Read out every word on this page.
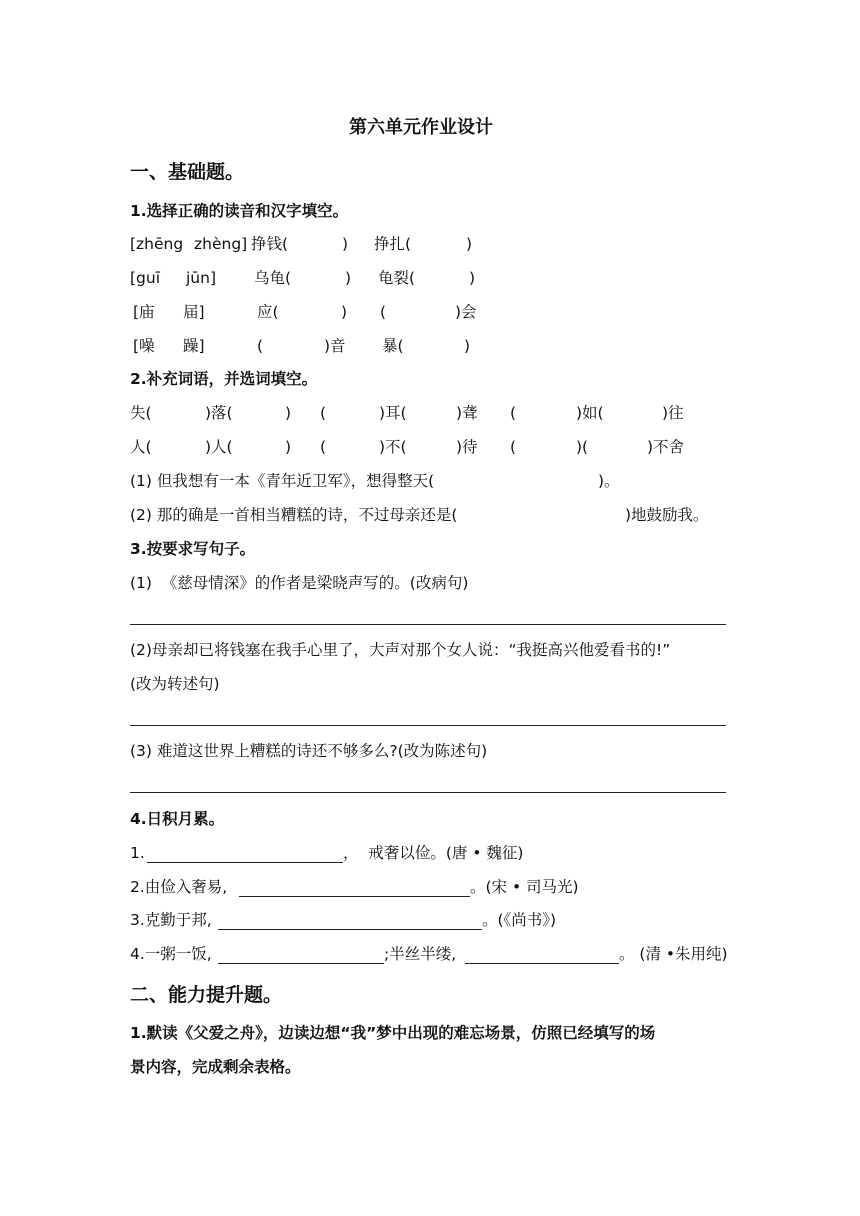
第六单元作业设计
一、基础题。
1.选择正确的读音和汉字填空。
[zhēng zhèng] 挣钱(	) 挣扎(	)
[guī jūn] 乌龟(	) 龟裂(	)
[庙 届]	应(	) (	)会
[噪 躁]	(	)音 暴(	)
2.补充词语，并选词填空。
失(	)落(	) (	)耳(	)聋 (	)如(	)往
人(	)人(	) (	)不(	)待 (	)(	)不舍
(1) 但我想有一本《青年近卫军》，想得整天(	)。
(2) 那的确是一首相当糟糕的诗，不过母亲还是(	)地鼓励我。
3.按要求写句子。
(1)  《慈母情深》的作者是梁晓声写的。(改病句)
(2)母亲却已将钱塞在我手心里了，大声对那个女人说：“我挺高兴他爱看书的!”
(改为转述句)
(3) 难道这世界上糟糕的诗还不够多么?(改为陈述句)
4.日积月累。
1.	，  戒奢以俭。(唐 • 魏征)
2.由俭入奢易,	。(宋 • 司马光)
3.克勤于邦,	。(《尚书》)
4.一粥一饭,	;半丝半缕,	。 (清 •朱用纯)
二、能力提升题。
1.默读《父爱之舟》，边读边想“我”梦中出现的难忘场景，仿照已经填写的场
景内容，完成剩余表格。
